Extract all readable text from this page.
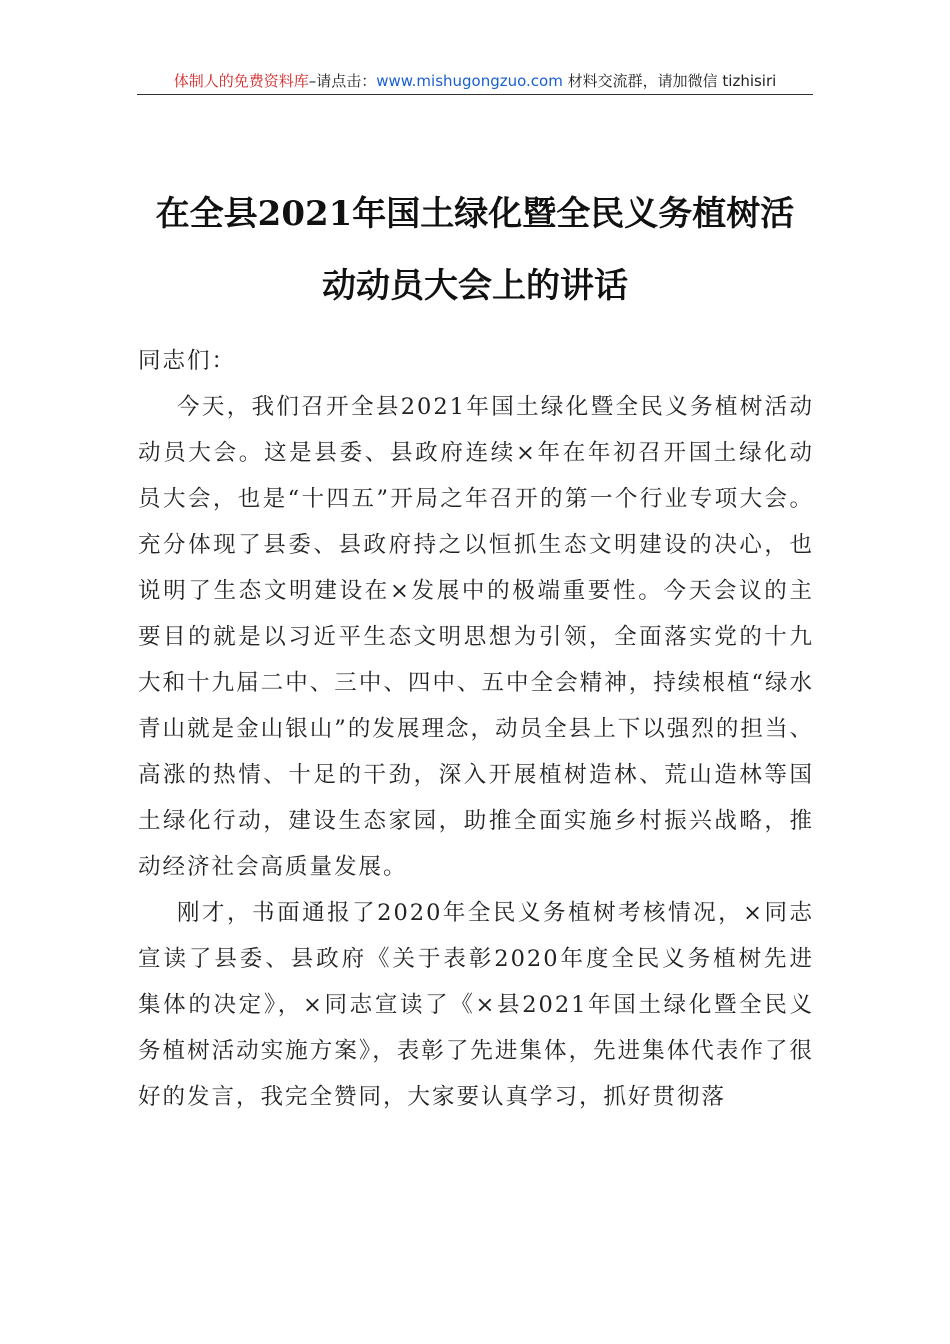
体制人的免费资料库–请点击：www.mishugongzuo.com 材料交流群，请加微信 tizhisiri
在全县2021年国土绿化暨全民义务植树活
动动员大会上的讲话

同志们：

今天，我们召开全县2021年国土绿化暨全民义务植树活动动员大会。这是县委、县政府连续×年在年初召开国土绿化动员大会，也是“十四五”开局之年召开的第一个行业专项大会。充分体现了县委、县政府持之以恒抓生态文明建设的决心，也说明了生态文明建设在×发展中的极端重要性。今天会议的主要目的就是以习近平生态文明思想为引领，全面落实党的十九大和十九届二中、三中、四中、五中全会精神，持续根植“绿水青山就是金山银山”的发展理念，动员全县上下以强烈的担当、高涨的热情、十足的干劲，深入开展植树造林、荒山造林等国土绿化行动，建设生态家园，助推全面实施乡村振兴战略，推动经济社会高质量发展。

刚才，书面通报了2020年全民义务植树考核情况，×同志宣读了县委、县政府《关于表彰2020年度全民义务植树先进集体的决定》，×同志宣读了《×县2021年国土绿化暨全民义务植树活动实施方案》，表彰了先进集体，先进集体代表作了很好的发言，我完全赞同，大家要认真学习，抓好贯彻落
